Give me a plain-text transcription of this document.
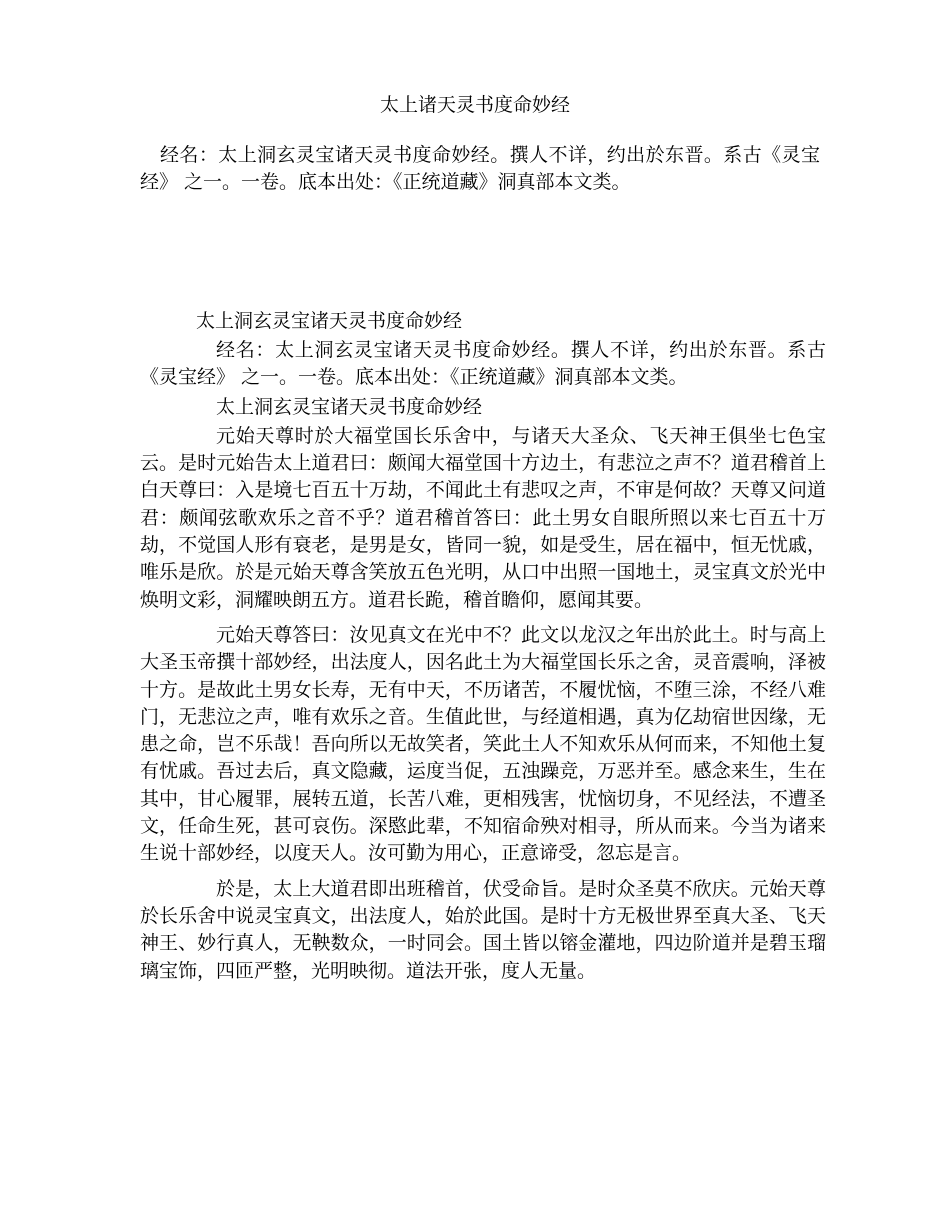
太上诸天灵书度命妙经

经名：太上洞玄灵宝诸天灵书度命妙经。撰人不详，约出於东晋。系古《灵宝经》 之一。一卷。底本出处：《正统道藏》洞真部本文类。

太上洞玄灵宝诸天灵书度命妙经

经名：太上洞玄灵宝诸天灵书度命妙经。撰人不详，约出於东晋。系古《灵宝经》 之一。一卷。底本出处：《正统道藏》洞真部本文类。

太上洞玄灵宝诸天灵书度命妙经

元始天尊时於大福堂国长乐舍中，与诸天大圣众、飞天神王俱坐七色宝云。是时元始告太上道君曰：颇闻大福堂国十方边土，有悲泣之声不？道君稽首上白天尊曰：入是境七百五十万劫，不闻此土有悲叹之声，不审是何故？天尊又问道君：颇闻弦歌欢乐之音不乎？道君稽首答曰：此土男女自眼所照以来七百五十万劫，不觉国人形有衰老，是男是女，皆同一貌，如是受生，居在福中，恒无忧戚，唯乐是欣。於是元始天尊含笑放五色光明，从口中出照一国地土，灵宝真文於光中焕明文彩，洞耀映朗五方。道君长跪，稽首瞻仰，愿闻其要。

元始天尊答曰：汝见真文在光中不？此文以龙汉之年出於此土。时与高上大圣玉帝撰十部妙经，出法度人，因名此土为大福堂国长乐之舍，灵音震响，泽被十方。是故此土男女长寿，无有中天，不历诸苦，不履忧恼，不堕三涂，不经八难门，无悲泣之声，唯有欢乐之音。生值此世，与经道相遇，真为亿劫宿世因缘，无患之命，岂不乐哉！吾向所以无故笑者，笑此土人不知欢乐从何而来，不知他土复有忧戚。吾过去后，真文隐藏，运度当促，五浊躁竞，万恶并至。感念来生，生在其中，甘心履罪，展转五道，长苦八难，更相残害，忧恼切身，不见经法，不遭圣文，任命生死，甚可哀伤。深愍此辈，不知宿命殃对相寻，所从而来。今当为诸来生说十部妙经，以度天人。汝可勤为用心，正意谛受，忽忘是言。

於是，太上大道君即出班稽首，伏受命旨。是时众圣莫不欣庆。元始天尊於长乐舍中说灵宝真文，出法度人，始於此国。是时十方无极世界至真大圣、飞天神王、妙行真人，无鞅数众，一时同会。国土皆以镕金灌地，四边阶道并是碧玉瑠璃宝饰，四匝严整，光明映彻。道法开张，度人无量。
